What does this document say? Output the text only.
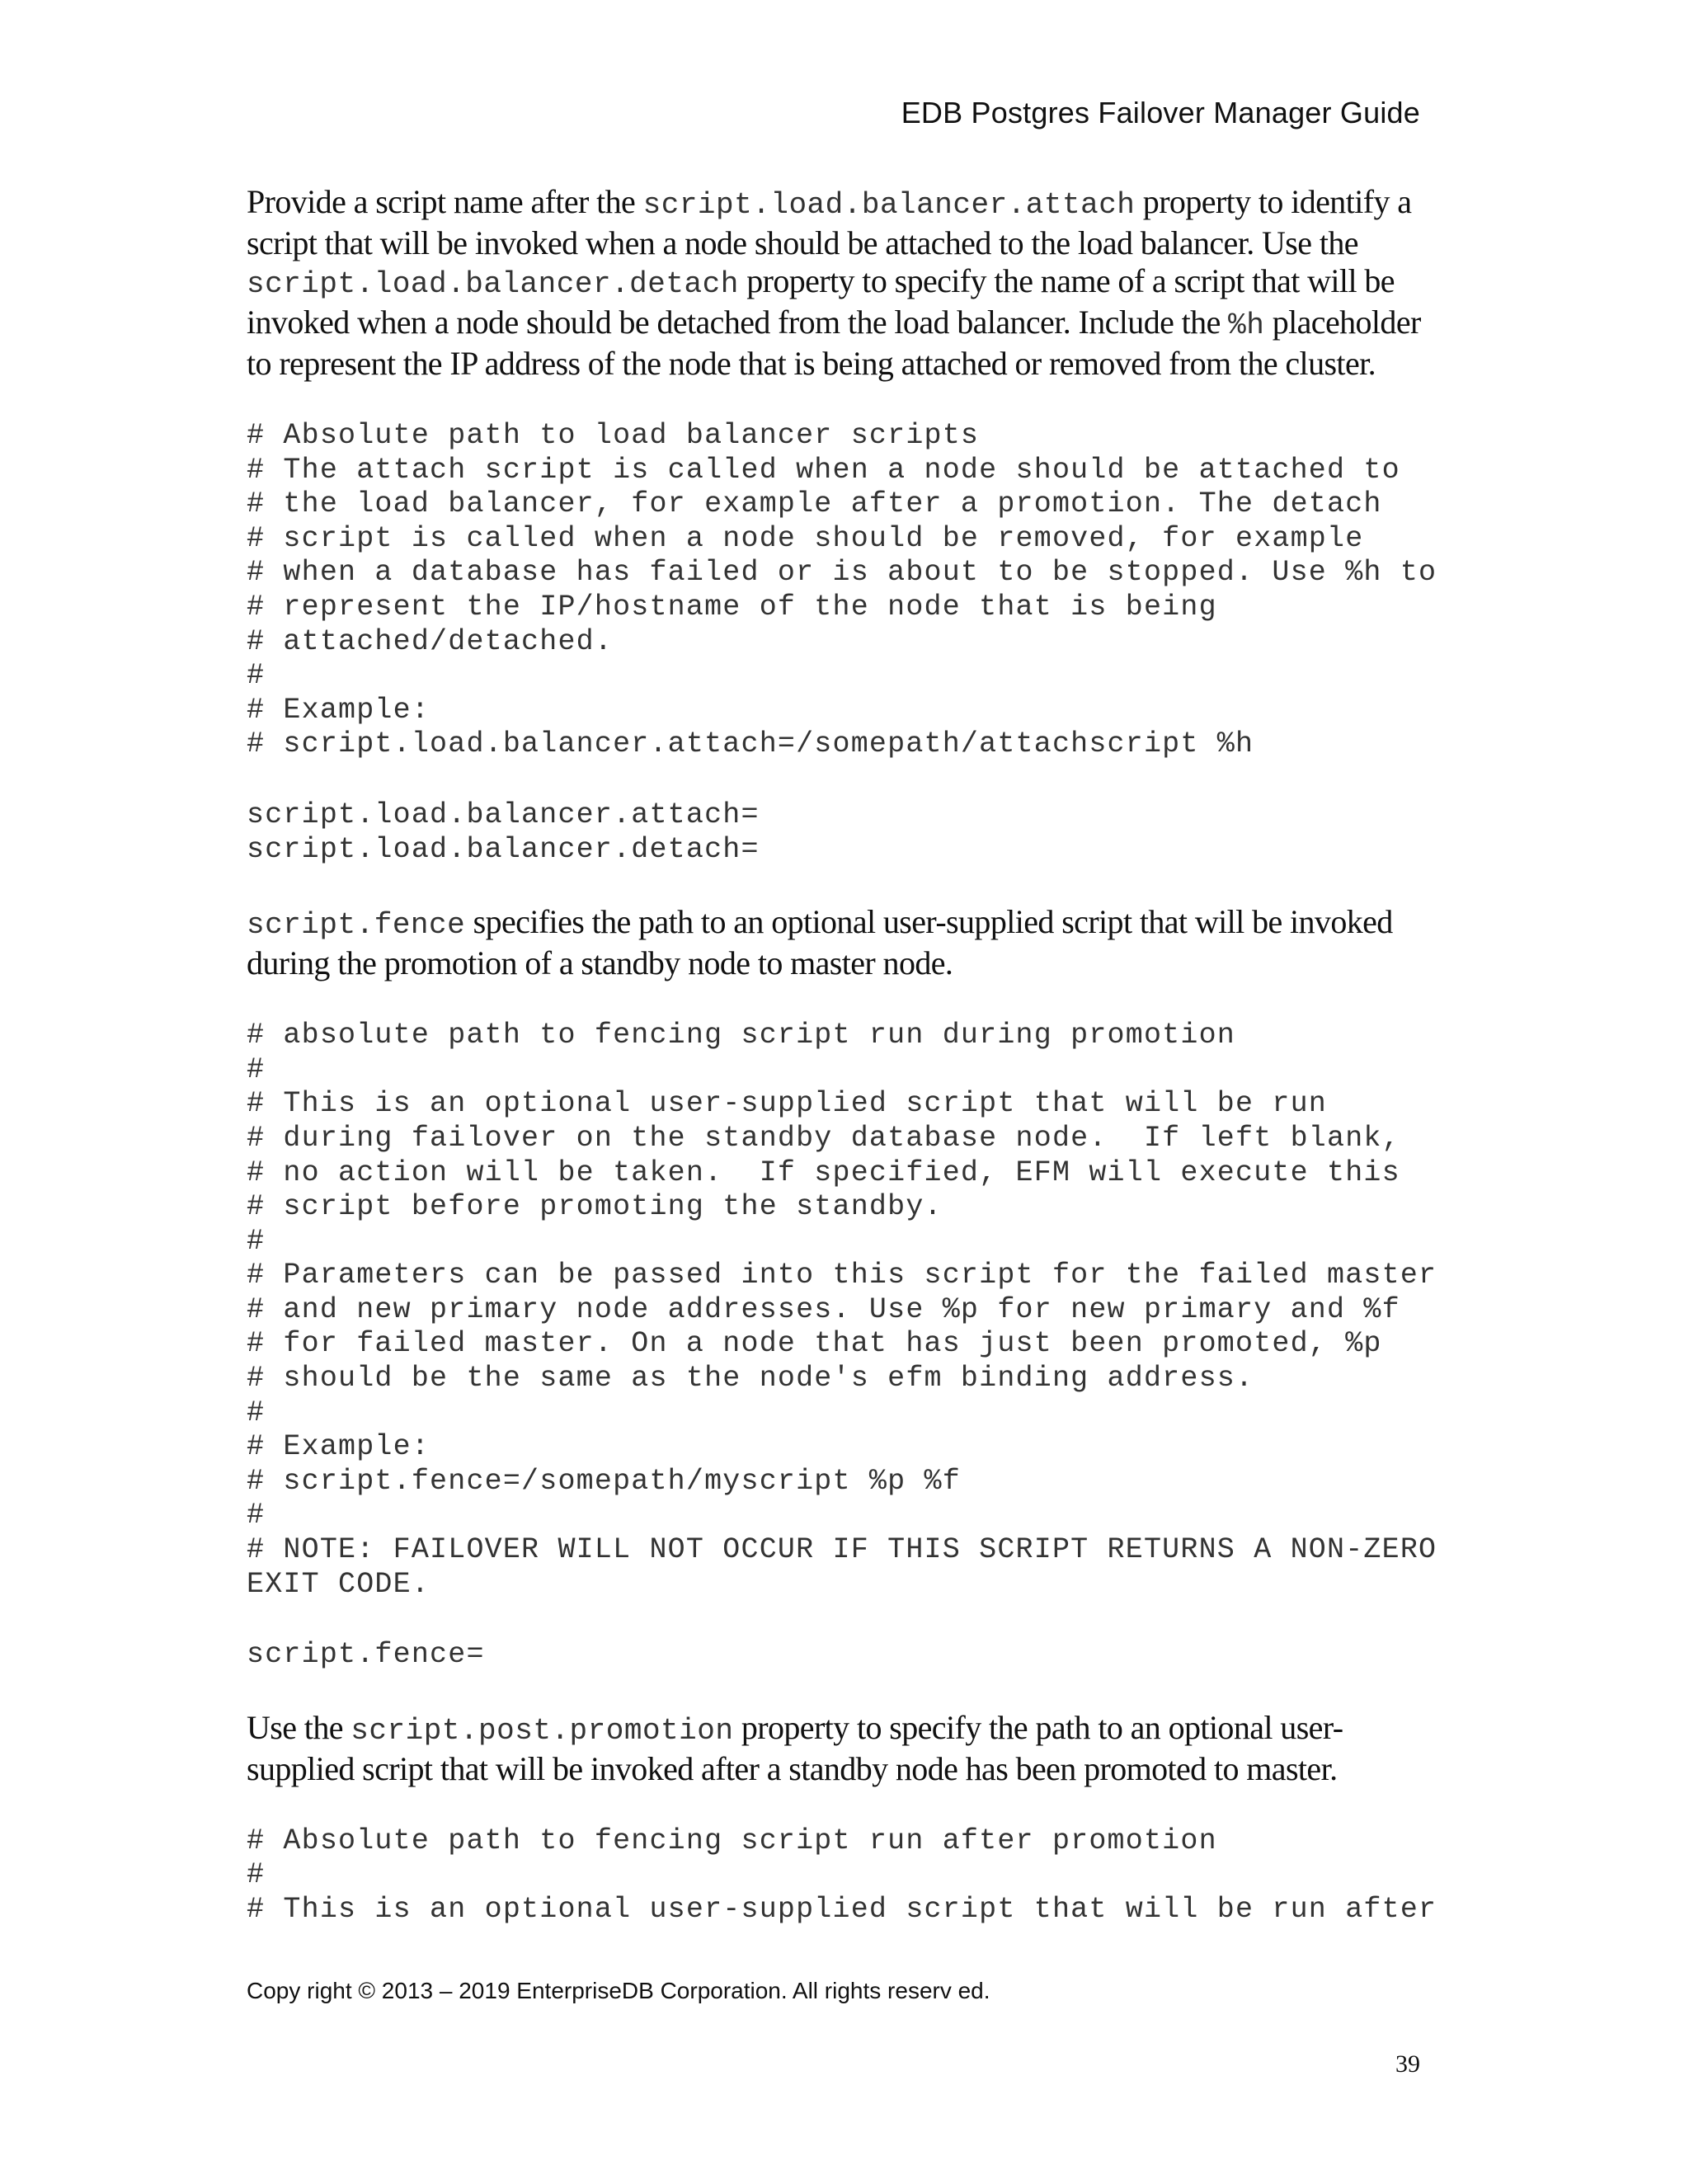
EDB Postgres Failover Manager Guide

Provide a script name after the script.load.balancer.attach property to identify a script that will be invoked when a node should be attached to the load balancer. Use the script.load.balancer.detach property to specify the name of a script that will be invoked when a node should be detached from the load balancer. Include the %h placeholder to represent the IP address of the node that is being attached or removed from the cluster.

# Absolute path to load balancer scripts
# The attach script is called when a node should be attached to
# the load balancer, for example after a promotion. The detach
# script is called when a node should be removed, for example
# when a database has failed or is about to be stopped. Use %h to
# represent the IP/hostname of the node that is being
# attached/detached.
#
# Example:
# script.load.balancer.attach=/somepath/attachscript %h
script.load.balancer.attach=
script.load.balancer.detach=

script.fence specifies the path to an optional user-supplied script that will be invoked during the promotion of a standby node to master node.

# absolute path to fencing script run during promotion
#
# This is an optional user-supplied script that will be run
# during failover on the standby database node.  If left blank,
# no action will be taken.  If specified, EFM will execute this
# script before promoting the standby.
#
# Parameters can be passed into this script for the failed master
# and new primary node addresses. Use %p for new primary and %f
# for failed master. On a node that has just been promoted, %p
# should be the same as the node's efm binding address.
#
# Example:
# script.fence=/somepath/myscript %p %f
#
# NOTE: FAILOVER WILL NOT OCCUR IF THIS SCRIPT RETURNS A NON-ZERO
EXIT CODE.
script.fence=

Use the script.post.promotion property to specify the path to an optional user-supplied script that will be invoked after a standby node has been promoted to master.

# Absolute path to fencing script run after promotion
#
# This is an optional user-supplied script that will be run after
Copy right © 2013 – 2019 EnterpriseDB Corporation. All rights reserv ed.
39
